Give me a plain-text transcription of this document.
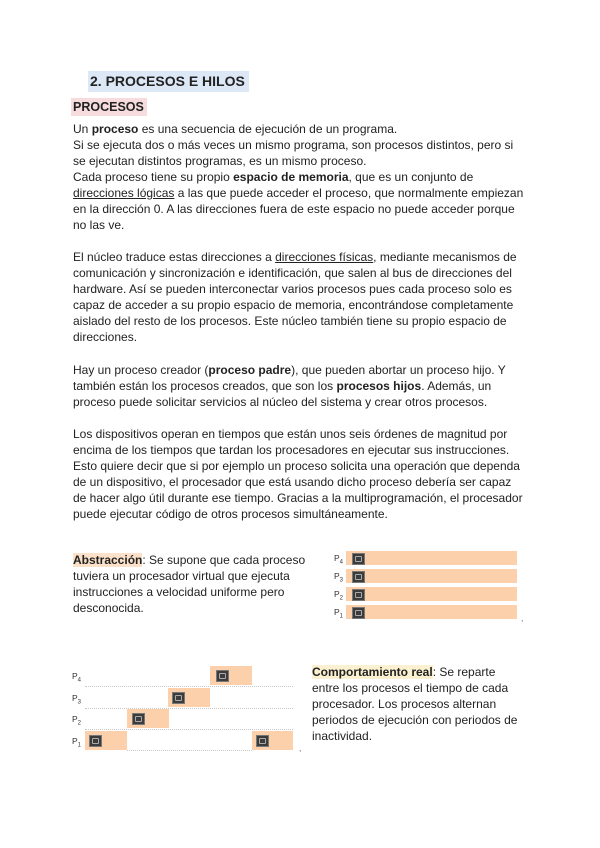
2. PROCESOS E HILOS
PROCESOS
Un proceso es una secuencia de ejecución de un programa.
Si se ejecuta dos o más veces un mismo programa, son procesos distintos, pero si
se ejecutan distintos programas, es un mismo proceso.
Cada proceso tiene su propio espacio de memoria, que es un conjunto de
direcciones lógicas a las que puede acceder el proceso, que normalmente empiezan
en la dirección 0. A las direcciones fuera de este espacio no puede acceder porque
no las ve.
El núcleo traduce estas direcciones a direcciones físicas, mediante mecanismos de
comunicación y sincronización e identificación, que salen al bus de direcciones del
hardware. Así se pueden interconectar varios procesos pues cada proceso solo es
capaz de acceder a su propio espacio de memoria, encontrándose completamente
aislado del resto de los procesos. Este núcleo también tiene su propio espacio de
direcciones.
Hay un proceso creador (proceso padre), que pueden abortar un proceso hijo. Y
también están los procesos creados, que son los procesos hijos. Además, un
proceso puede solicitar servicios al núcleo del sistema y crear otros procesos.
Los dispositivos operan en tiempos que están unos seis órdenes de magnitud por
encima de los tiempos que tardan los procesadores en ejecutar sus instrucciones.
Esto quiere decir que si por ejemplo un proceso solicita una operación que dependa
de un dispositivo, el procesador que está usando dicho proceso debería ser capaz
de hacer algo útil durante ese tiempo. Gracias a la multiprogramación, el procesador
puede ejecutar código de otros procesos simultáneamente.
Abstracción: Se supone que cada proceso
tuviera un procesador virtual que ejecuta
instrucciones a velocidad uniforme pero
desconocida.
$P_4$
$P_3$
$P_2$
$P_1$	,
$P_4$
$P_3$
$P_2$
$P_1$	,
Comportamiento real: Se reparte
entre los procesos el tiempo de cada
procesador. Los procesos alternan
periodos de ejecución con periodos de
inactividad.
